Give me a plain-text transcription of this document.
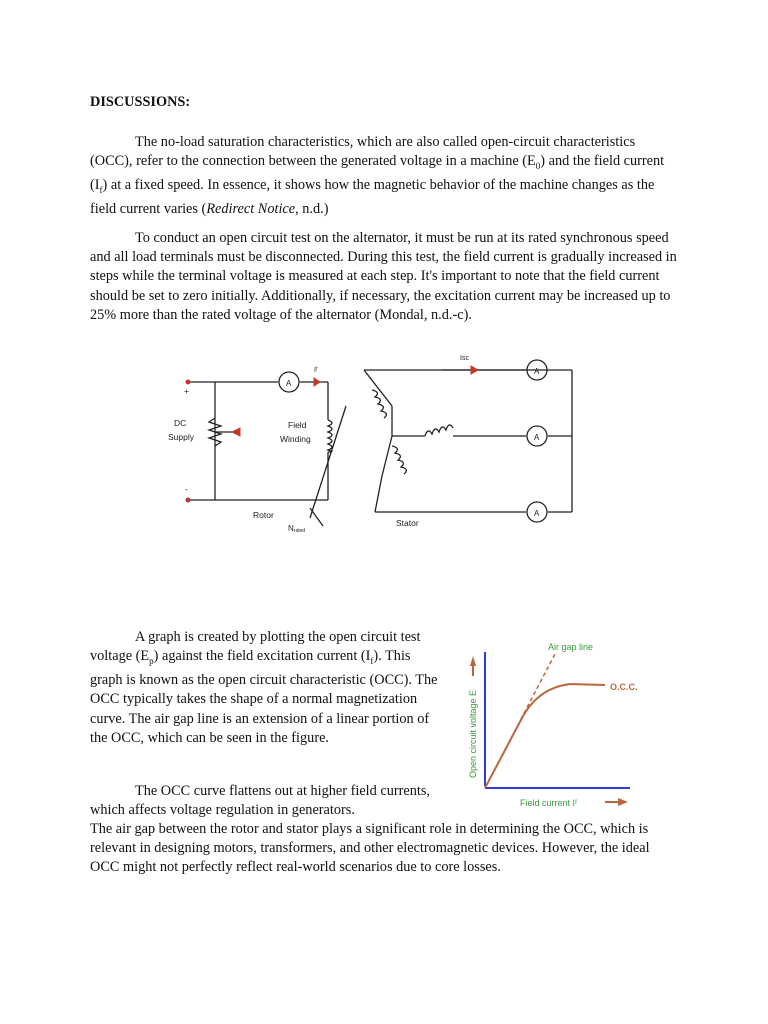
DISCUSSIONS:

The no-load saturation characteristics, which are also called open-circuit characteristics (OCC), refer to the connection between the generated voltage in a machine $(E_0)$ and the field current $(I_f)$ at a fixed speed. In essence, it shows how the magnetic behavior of the machine changes as the field current varies (Redirect Notice, n.d.)

To conduct an open circuit test on the alternator, it must be run at its rated synchronous speed and all load terminals must be disconnected. During this test, the field current is gradually increased in steps while the terminal voltage is measured at each step. It's important to note that the field current should be set to zero initially. Additionally, if necessary, the excitation current may be increased up to 25% more than the rated voltage of the alternator (Mondal, n.d.-c).

+
-
DC
Supply
A
A
A
A
Iᶠ
Isc
Field
Winding
Rotor
Nrated
Stator

A graph is created by plotting the open circuit test voltage $(E_p)$ against the field excitation current $(I_f)$. This graph is known as the open circuit characteristic (OCC). The OCC typically takes the shape of a normal magnetization curve. The air gap line is an extension of a linear portion of the OCC, which can be seen in the figure.

Air gap line
O.C.C.
Open circuit voltage E
Field current Iᶠ

The OCC curve flattens out at higher field currents, which affects voltage regulation in generators.

The air gap between the rotor and stator plays a significant role in determining the OCC, which is relevant in designing motors, transformers, and other electromagnetic devices. However, the ideal OCC might not perfectly reflect real-world scenarios due to core losses.
